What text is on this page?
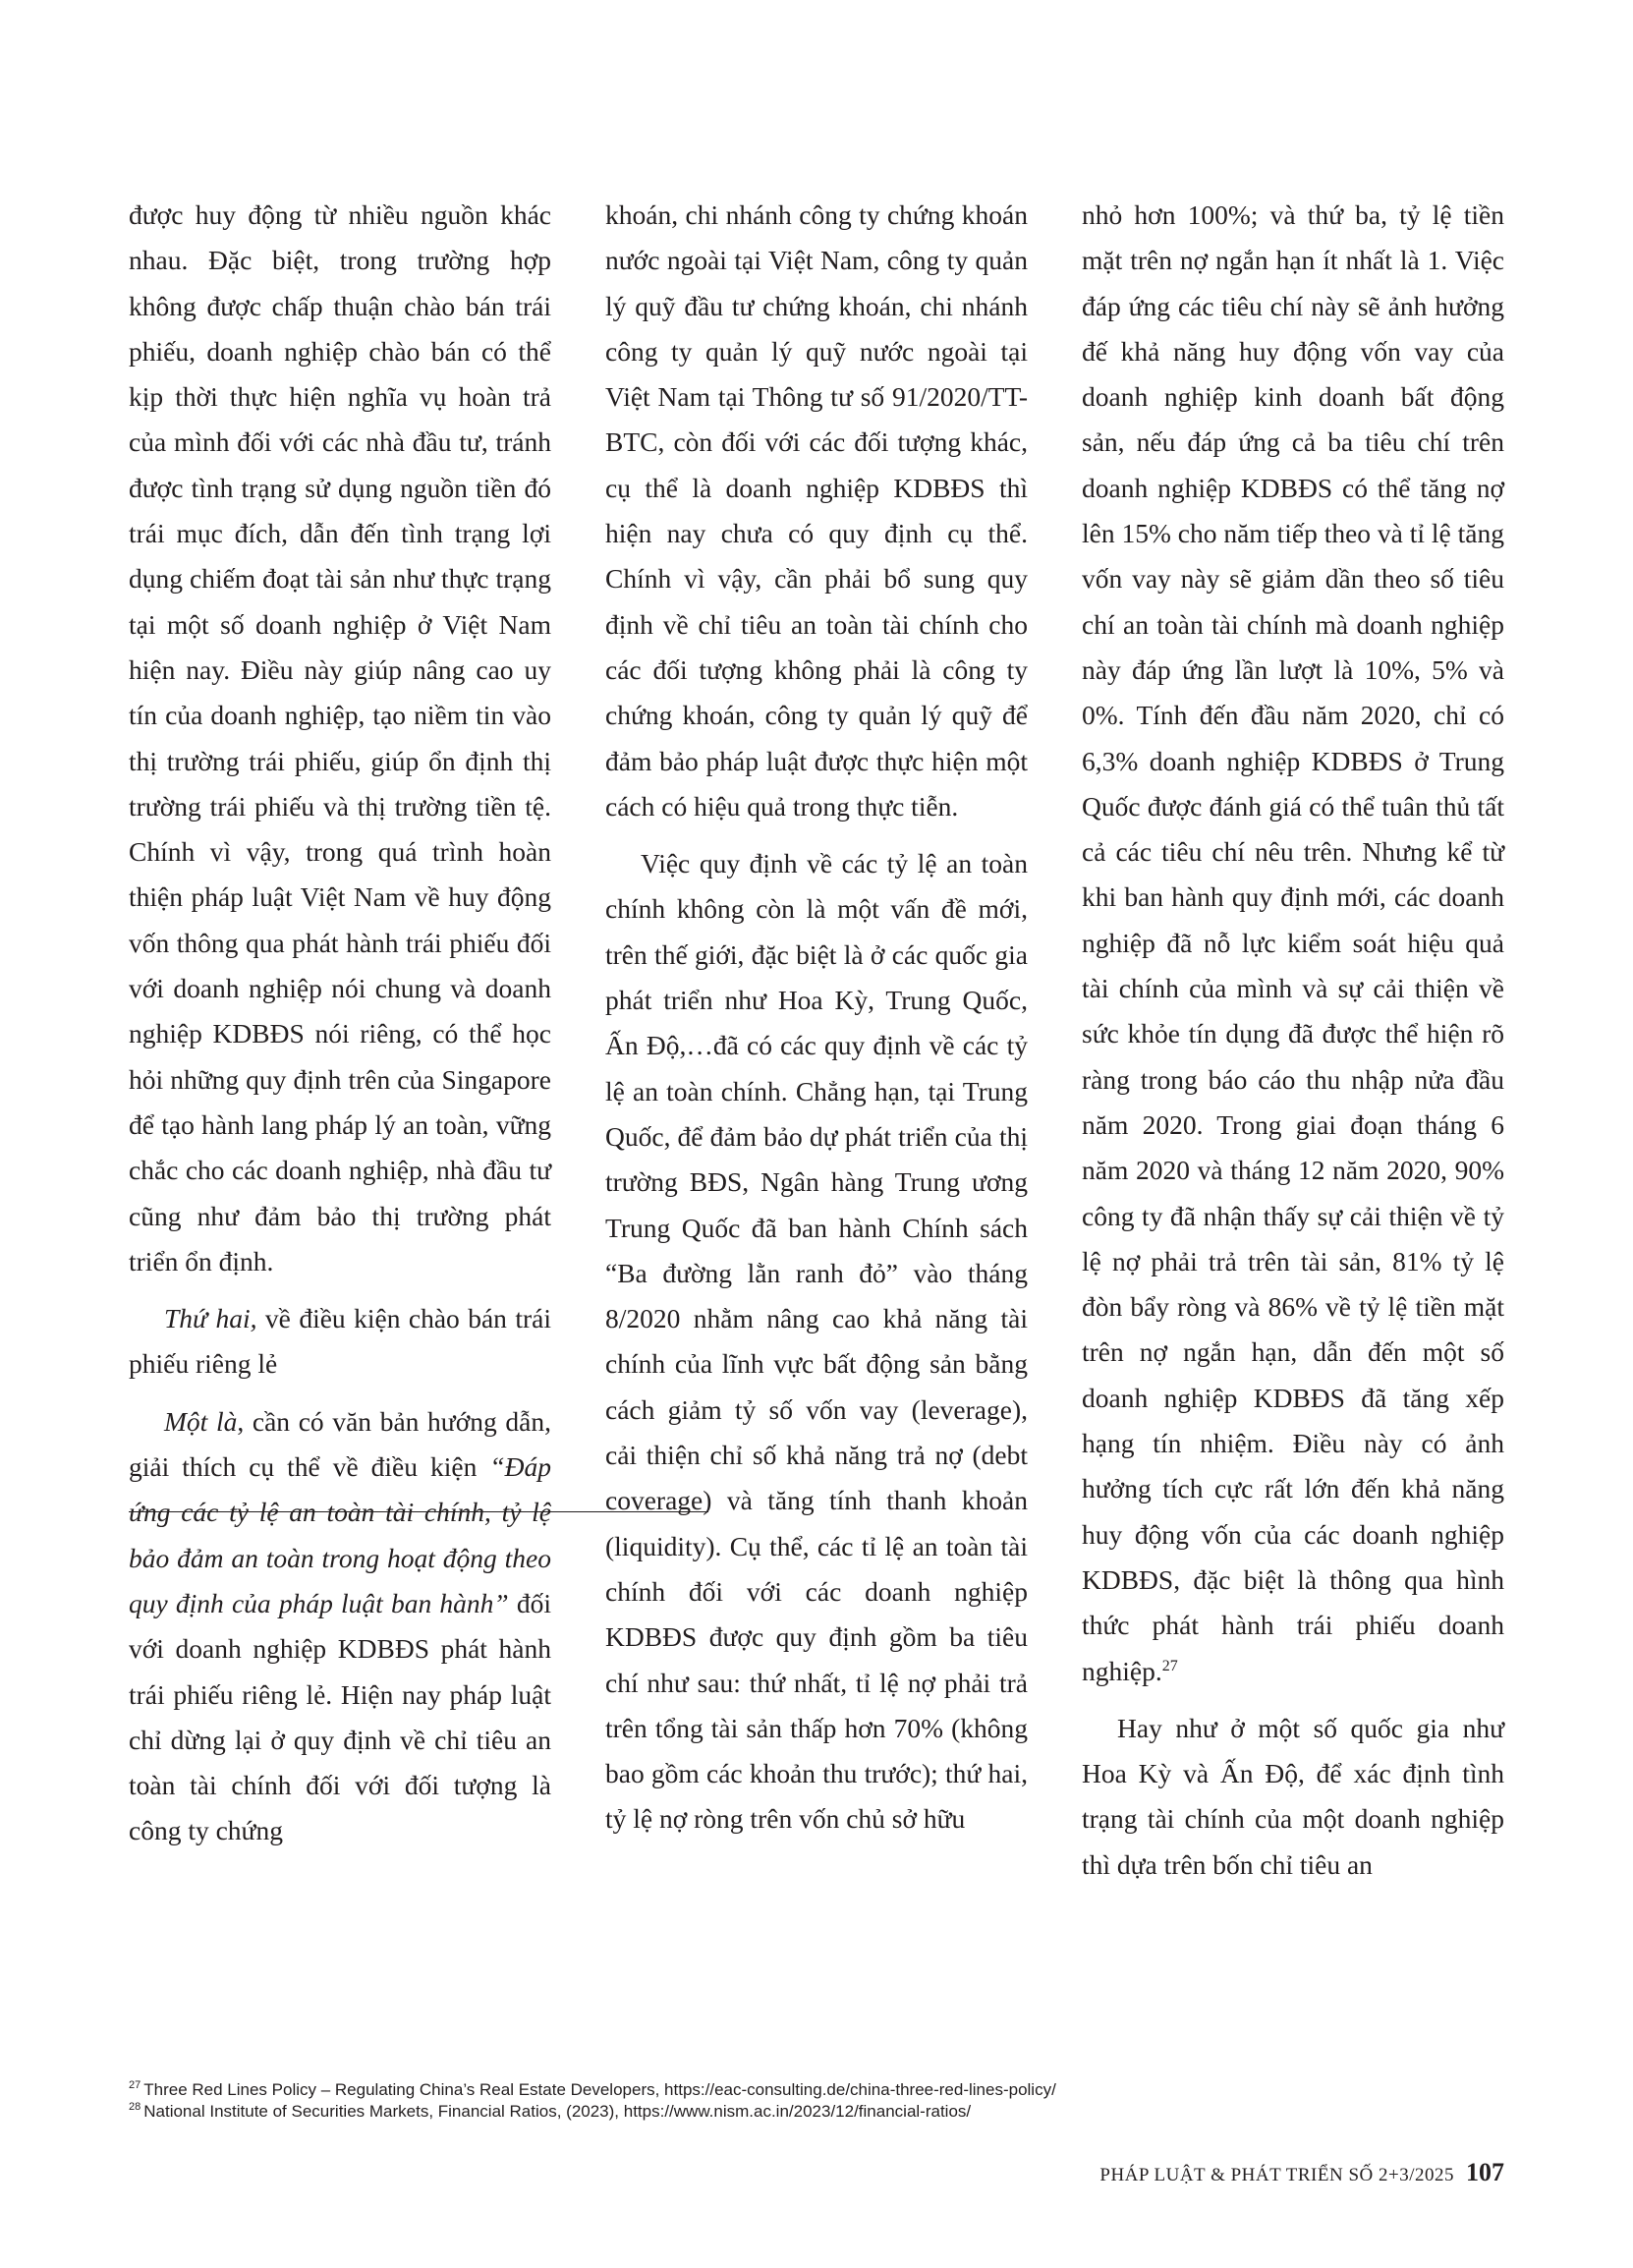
được huy động từ nhiều nguồn khác nhau. Đặc biệt, trong trường hợp không được chấp thuận chào bán trái phiếu, doanh nghiệp chào bán có thể kịp thời thực hiện nghĩa vụ hoàn trả của mình đối với các nhà đầu tư, tránh được tình trạng sử dụng nguồn tiền đó trái mục đích, dẫn đến tình trạng lợi dụng chiếm đoạt tài sản như thực trạng tại một số doanh nghiệp ở Việt Nam hiện nay. Điều này giúp nâng cao uy tín của doanh nghiệp, tạo niềm tin vào thị trường trái phiếu, giúp ổn định thị trường trái phiếu và thị trường tiền tệ. Chính vì vậy, trong quá trình hoàn thiện pháp luật Việt Nam về huy động vốn thông qua phát hành trái phiếu đối với doanh nghiệp nói chung và doanh nghiệp KDBĐS nói riêng, có thể học hỏi những quy định trên của Singapore để tạo hành lang pháp lý an toàn, vững chắc cho các doanh nghiệp, nhà đầu tư cũng như đảm bảo thị trường phát triển ổn định.

Thứ hai, về điều kiện chào bán trái phiếu riêng lẻ

Một là, cần có văn bản hướng dẫn, giải thích cụ thể về điều kiện “Đáp ứng các tỷ lệ an toàn tài chính, tỷ lệ bảo đảm an toàn trong hoạt động theo quy định của pháp luật ban hành” đối với doanh nghiệp KDBĐS phát hành trái phiếu riêng lẻ. Hiện nay pháp luật chỉ dừng lại ở quy định về chỉ tiêu an toàn tài chính đối với đối tượng là công ty chứng

khoán, chi nhánh công ty chứng khoán nước ngoài tại Việt Nam, công ty quản lý quỹ đầu tư chứng khoán, chi nhánh công ty quản lý quỹ nước ngoài tại Việt Nam tại Thông tư số 91/2020/TT-BTC, còn đối với các đối tượng khác, cụ thể là doanh nghiệp KDBĐS thì hiện nay chưa có quy định cụ thể. Chính vì vậy, cần phải bổ sung quy định về chỉ tiêu an toàn tài chính cho các đối tượng không phải là công ty chứng khoán, công ty quản lý quỹ để đảm bảo pháp luật được thực hiện một cách có hiệu quả trong thực tiễn.

Việc quy định về các tỷ lệ an toàn chính không còn là một vấn đề mới, trên thế giới, đặc biệt là ở các quốc gia phát triển như Hoa Kỳ, Trung Quốc, Ấn Độ,…đã có các quy định về các tỷ lệ an toàn chính. Chẳng hạn, tại Trung Quốc, để đảm bảo dự phát triển của thị trường BĐS, Ngân hàng Trung ương Trung Quốc đã ban hành Chính sách “Ba đường lằn ranh đỏ” vào tháng 8/2020 nhằm nâng cao khả năng tài chính của lĩnh vực bất động sản bằng cách giảm tỷ số vốn vay (leverage), cải thiện chỉ số khả năng trả nợ (debt coverage) và tăng tính thanh khoản (liquidity). Cụ thể, các tỉ lệ an toàn tài chính đối với các doanh nghiệp KDBĐS được quy định gồm ba tiêu chí như sau: thứ nhất, tỉ lệ nợ phải trả trên tổng tài sản thấp hơn 70% (không bao gồm các khoản thu trước); thứ hai, tỷ lệ nợ ròng trên vốn chủ sở hữu

nhỏ hơn 100%; và thứ ba, tỷ lệ tiền mặt trên nợ ngắn hạn ít nhất là 1. Việc đáp ứng các tiêu chí này sẽ ảnh hưởng đế khả năng huy động vốn vay của doanh nghiệp kinh doanh bất động sản, nếu đáp ứng cả ba tiêu chí trên doanh nghiệp KDBĐS có thể tăng nợ lên 15% cho năm tiếp theo và tỉ lệ tăng vốn vay này sẽ giảm dần theo số tiêu chí an toàn tài chính mà doanh nghiệp này đáp ứng lần lượt là 10%, 5% và 0%. Tính đến đầu năm 2020, chỉ có 6,3% doanh nghiệp KDBĐS ở Trung Quốc được đánh giá có thể tuân thủ tất cả các tiêu chí nêu trên. Nhưng kể từ khi ban hành quy định mới, các doanh nghiệp đã nỗ lực kiểm soát hiệu quả tài chính của mình và sự cải thiện về sức khỏe tín dụng đã được thể hiện rõ ràng trong báo cáo thu nhập nửa đầu năm 2020. Trong giai đoạn tháng 6 năm 2020 và tháng 12 năm 2020, 90% công ty đã nhận thấy sự cải thiện về tỷ lệ nợ phải trả trên tài sản, 81% tỷ lệ đòn bẩy ròng và 86% về tỷ lệ tiền mặt trên nợ ngắn hạn, dẫn đến một số doanh nghiệp KDBĐS đã tăng xếp hạng tín nhiệm. Điều này có ảnh hưởng tích cực rất lớn đến khả năng huy động vốn của các doanh nghiệp KDBĐS, đặc biệt là thông qua hình thức phát hành trái phiếu doanh nghiệp.$^{27}$

Hay như ở một số quốc gia như Hoa Kỳ và Ấn Độ, để xác định tình trạng tài chính của một doanh nghiệp thì dựa trên bốn chỉ tiêu an

$^{27}$ Three Red Lines Policy – Regulating China’s Real Estate Developers, https://eac-consulting.de/china-three-red-lines-policy/
$^{28}$ National Institute of Securities Markets, Financial Ratios, (2023), https://www.nism.ac.in/2023/12/financial-ratios/
PHÁP LUẬT & PHÁT TRIỂN SỐ 2+3/2025 107
